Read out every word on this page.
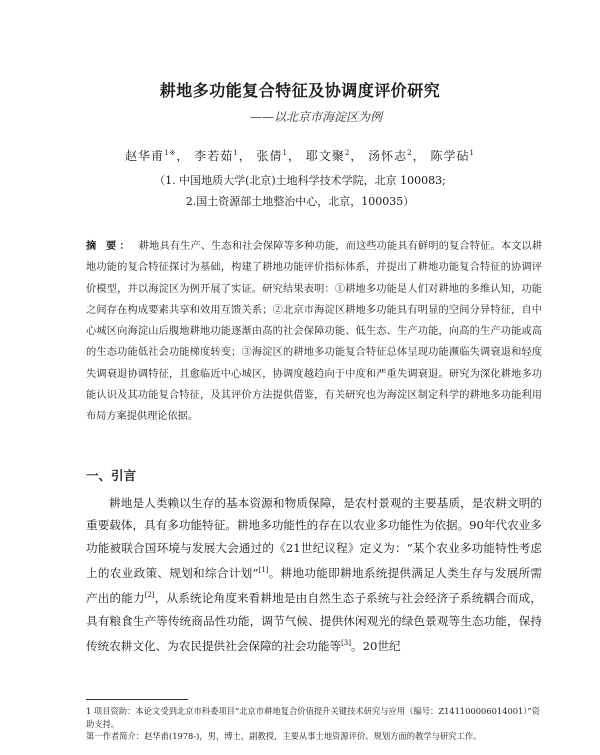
耕地多功能复合特征及协调度评价研究
——以北京市海淀区为例
赵华甫$^{1※}$， 李若茹$^1$， 张倩$^1$， 耶文聚$^2$， 汤怀志$^2$， 陈学砧$^1$
（1. 中国地质大学(北京)土地科学技术学院，北京 100083;
2.国土资源部土地整治中心，北京，100035）
摘 要： 耕地具有生产、生态和社会保障等多种功能，而这些功能具有鲜明的复合特征。本文以耕地功能的复合特征探讨为基础，构建了耕地功能评价指标体系，并提出了耕地功能复合特征的协调评价模型，并以海淀区为例开展了实证。研究结果表明：①耕地多功能是人们对耕地的多维认知，功能之间存在构成要素共享和效用互馈关系；②北京市海淀区耕地多功能具有明显的空间分异特征，自中心城区向海淀山后腹地耕地功能逐渐由高的社会保障功能、低生态、生产功能，向高的生产功能或高的生态功能低社会功能梯度转变；③海淀区的耕地多功能复合特征总体呈现功能濒临失调衰退和轻度失调衰退协调特征，且愈临近中心城区，协调度越趋向于中度和严重失调衰退。研究为深化耕地多功能认识及其功能复合特征，及其评价方法提供借鉴，有关研究也为海淀区制定科学的耕地多功能利用布局方案提供理论依据。
一、引言
耕地是人类赖以生存的基本资源和物质保障，是农村景观的主要基质，是农耕文明的重要载体，具有多功能特征。耕地多功能性的存在以农业多功能性为依据。90年代农业多功能被联合国环境与发展大会通过的《21世纪议程》定义为：“某个农业多功能特性考虑上的农业政策、规划和综合计划”[1]。耕地功能即耕地系统提供满足人类生存与发展所需产出的能力[2]，从系统论角度来看耕地是由自然生态子系统与社会经济子系统耦合而成，具有粮食生产等传统商品性功能，调节气候、提供休闲观光的绿色景观等生态功能，保持传统农耕文化、为农民提供社会保障的社会功能等[3]。20世纪
1 项目资助：本论文受到北京市科委项目“北京市耕地复合价值提升关键技术研究与应用（编号：Z141100006014001）”资助支持。
第一作者简介：赵华甫(1978-)，男，博士，副教授，主要从事土地资源评价、规划方面的教学与研究工作。
